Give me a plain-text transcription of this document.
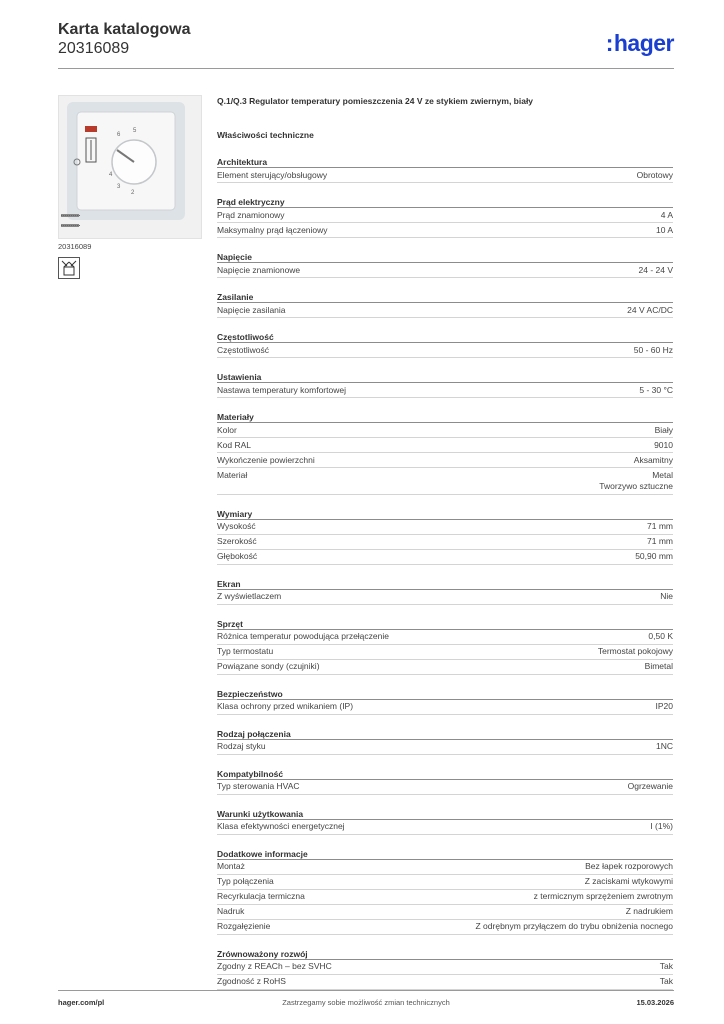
Karta katalogowa
20316089	:hager
6
5
4
3
2
20316089
Q.1/Q.3 Regulator temperatury pomieszczenia 24 V ze stykiem zwiernym, biały
Właściwości techniczne
Architektura
Element sterujący/obsługowy	Obrotowy
Prąd elektryczny
Prąd znamionowy	4 A
Maksymalny prąd łączeniowy	10 A
Napięcie
Napięcie znamionowe	24 - 24 V
Zasilanie
Napięcie zasilania	24 V AC/DC
Częstotliwość
Częstotliwość	50 - 60 Hz
Ustawienia
Nastawa temperatury komfortowej	5 - 30 °C
Materiały
Kolor	Biały
Kod RAL	9010
Wykończenie powierzchni	Aksamitny
Materiał	Metal
Tworzywo sztuczne
Wymiary
Wysokość	71 mm
Szerokość	71 mm
Głębokość	50,90 mm
Ekran
Z wyświetlaczem	Nie
Sprzęt
Różnica temperatur powodująca przełączenie	0,50 K
Typ termostatu	Termostat pokojowy
Powiązane sondy (czujniki)	Bimetal
Bezpieczeństwo
Klasa ochrony przed wnikaniem (IP)	IP20
Rodzaj połączenia
Rodzaj styku	1NC
Kompatybilność
Typ sterowania HVAC	Ogrzewanie
Warunki użytkowania
Klasa efektywności energetycznej	I (1%)
Dodatkowe informacje
Montaż	Bez łapek rozporowych
Typ połączenia	Z zaciskami wtykowymi
Recyrkulacja termiczna	z termicznym sprzężeniem zwrotnym
Nadruk	Z nadrukiem
Rozgałęzienie	Z odrębnym przyłączem do trybu obniżenia nocnego
Zrównoważony rozwój
Zgodny z REACh – bez SVHC	Tak
Zgodność z RoHS	Tak
hager.com/pl	Zastrzegamy sobie możliwość zmian technicznych	15.03.2026
